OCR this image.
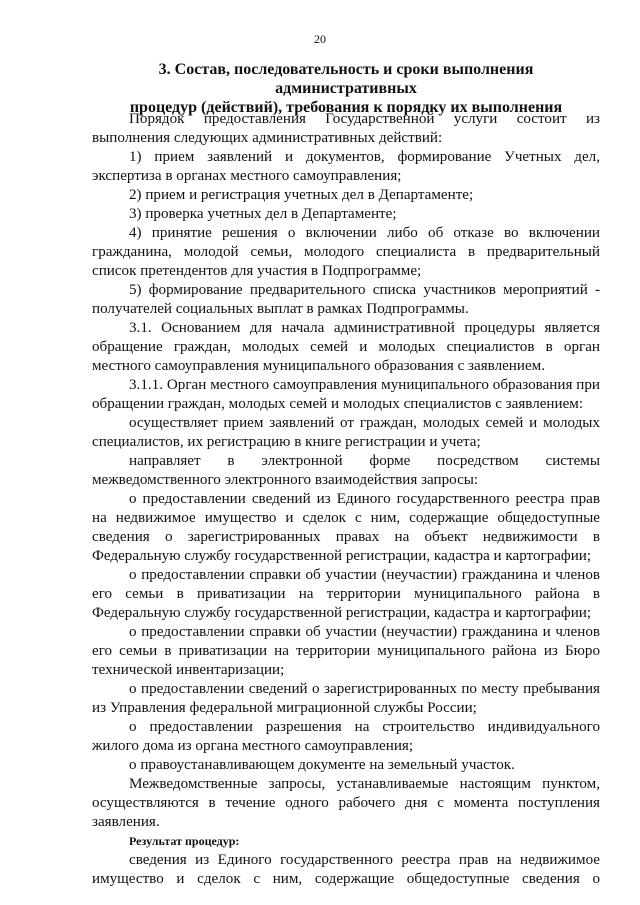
20
3. Состав, последовательность и сроки выполнения административных
процедур (действий), требования к порядку их выполнения

Порядок предоставления Государственной услуги состоит из выполнения следующих административных действий:

1) прием заявлений и документов, формирование Учетных дел, экспертиза в органах местного самоуправления;

2) прием и регистрация учетных дел в Департаменте;

3) проверка учетных дел в Департаменте;

4) принятие решения о включении либо об отказе во включении гражданина, молодой семьи, молодого специалиста в предварительный список претендентов для участия в Подпрограмме;

5) формирование предварительного списка участников мероприятий - получателей социальных выплат в рамках Подпрограммы.

3.1. Основанием для начала административной процедуры является обращение граждан, молодых семей и молодых специалистов в орган местного самоуправления муниципального образования с заявлением.

3.1.1. Орган местного самоуправления муниципального образования при обращении граждан, молодых семей и молодых специалистов с заявлением:

осуществляет прием заявлений от граждан, молодых семей и молодых специалистов, их регистрацию в книге регистрации и учета;

направляет в электронной форме посредством системы
межведомственного электронного взаимодействия запросы:

о предоставлении сведений из Единого государственного реестра прав на недвижимое имущество и сделок с ним, содержащие общедоступные сведения о зарегистрированных правах на объект недвижимости в Федеральную службу государственной регистрации, кадастра и картографии;

о предоставлении справки об участии (неучастии) гражданина и членов его семьи в приватизации на территории муниципального района в Федеральную службу государственной регистрации, кадастра и картографии;

о предоставлении справки об участии (неучастии) гражданина и членов его семьи в приватизации на территории муниципального района из Бюро технической инвентаризации;

о предоставлении сведений о зарегистрированных по месту пребывания из Управления федеральной миграционной службы России;

о предоставлении разрешения на строительство индивидуального жилого дома из органа местного самоуправления;

о правоустанавливающем документе на земельный участок.

Межведомственные запросы, устанавливаемые настоящим пунктом, осуществляются в течение одного рабочего дня с момента поступления заявления.

Результат процедур:

сведения из Единого государственного реестра прав на недвижимое имущество и сделок с ним, содержащие общедоступные сведения о
